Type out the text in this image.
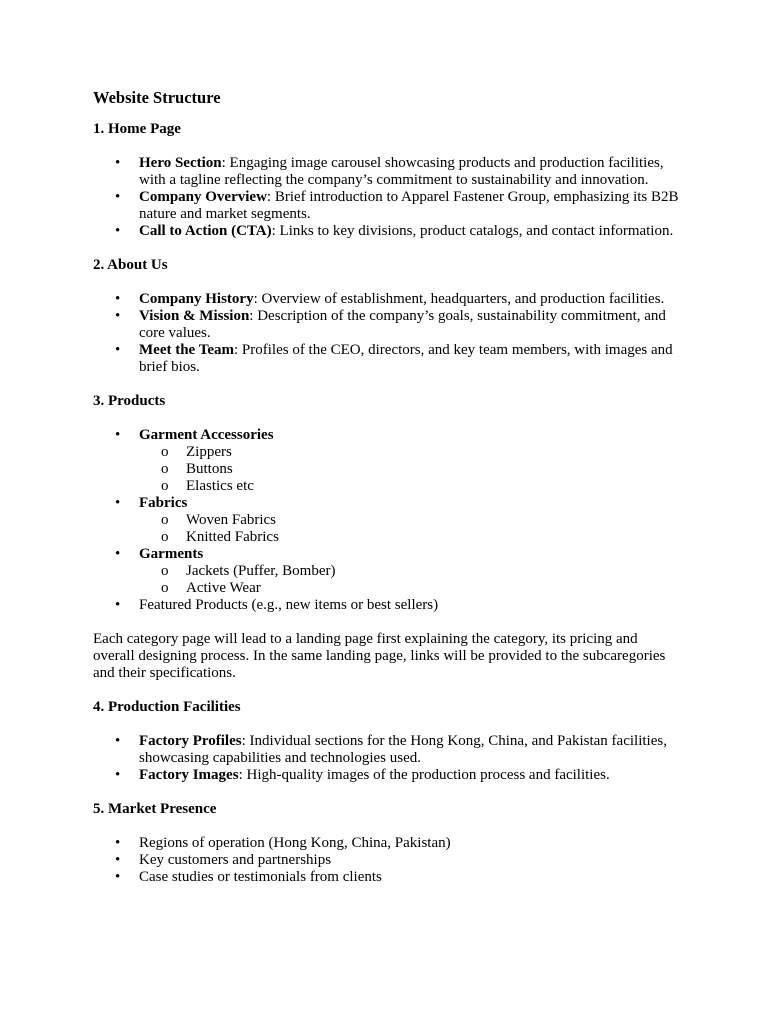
Website Structure
1. Home Page
• Hero Section: Engaging image carousel showcasing products and production facilities, with a tagline reflecting the company’s commitment to sustainability and innovation.
• Company Overview: Brief introduction to Apparel Fastener Group, emphasizing its B2B nature and market segments.
• Call to Action (CTA): Links to key divisions, product catalogs, and contact information.
2. About Us
• Company History: Overview of establishment, headquarters, and production facilities.
• Vision & Mission: Description of the company’s goals, sustainability commitment, and core values.
• Meet the Team: Profiles of the CEO, directors, and key team members, with images and brief bios.
3. Products
• Garment Accessories
o Zippers
o Buttons
o Elastics etc
• Fabrics
o Woven Fabrics
o Knitted Fabrics
• Garments
o Jackets (Puffer, Bomber)
o Active Wear
• Featured Products (e.g., new items or best sellers)

Each category page will lead to a landing page first explaining the category, its pricing and overall designing process. In the same landing page, links will be provided to the subcaregories and their specifications.

4. Production Facilities
• Factory Profiles: Individual sections for the Hong Kong, China, and Pakistan facilities, showcasing capabilities and technologies used.
• Factory Images: High-quality images of the production process and facilities.
5. Market Presence
• Regions of operation (Hong Kong, China, Pakistan)
• Key customers and partnerships
• Case studies or testimonials from clients
